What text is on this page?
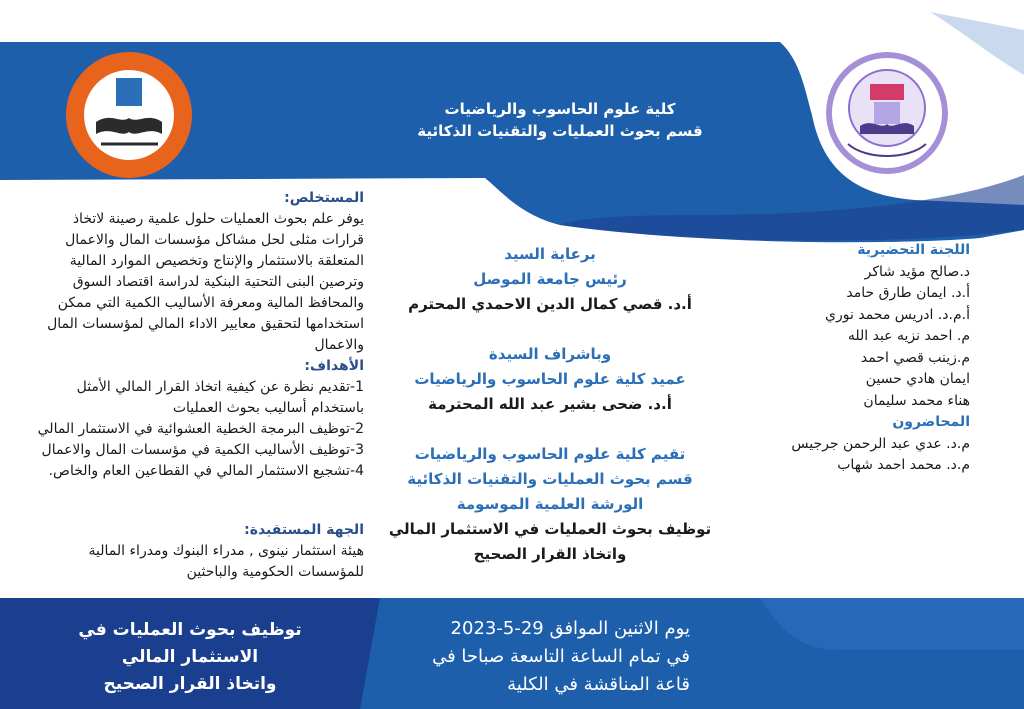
كلية علوم الحاسوب والرياضيات
قسم بحوث العمليات والتقنيات الذكائية
المستخلص:
يوفر علم بحوث العمليات حلول علمية رصينة لاتخاذ
قرارات مثلى لحل مشاكل مؤسسات المال والاعمال
المتعلقة بالاستثمار والإنتاج وتخصيص الموارد المالية
وترصين البنى التحتية البنكية لدراسة اقتصاد السوق
والمحافظ المالية ومعرفة الأساليب الكمية التي ممكن
استخدامها لتحقيق معايير الاداء المالي لمؤسسات المال
والاعمال
الأهداف:
1-تقديم نظرة عن كيفية اتخاذ القرار المالي الأمثل
باستخدام أساليب بحوث العمليات
2-توظيف البرمجة الخطية العشوائية في الاستثمار المالي
3-توظيف الأساليب الكمية في مؤسسات المال والاعمال
4-تشجيع الاستثمار المالي في القطاعين العام والخاص.
الجهة المستفيدة:
هيئة استثمار نينوى , مدراء البنوك ومدراء المالية
للمؤسسات الحكومية والباحثين
برعاية السيد
رئيس جامعة الموصل
أ.د. قصي كمال الدين الاحمدي المحترم
وباشراف السيدة
عميد كلية علوم الحاسوب والرياضيات
أ.د. ضحى بشير عبد الله المحترمة
تقيم كلية علوم الحاسوب والرياضيات
قسم بحوث العمليات والتقنيات الذكائية
الورشة العلمية الموسومة
توظيف بحوث العمليات في الاستثمار المالي
واتخاذ القرار الصحيح
اللجنة التحضيرية
د.صالح مؤيد شاكر
أ.د. ايمان طارق حامد
أ.م.د. ادريس محمد نوري
م. احمد نزيه عبد الله
م.زينب قصي احمد
ايمان هادي حسين
هناء محمد سليمان
المحاضرون
م.د. عدي عبد الرحمن جرجيس
م.د. محمد احمد شهاب
يوم الاثنين الموافق 29-5-2023
في تمام الساعة التاسعة صباحا في
قاعة المناقشة في الكلية
توظيف بحوث العمليات في
الاستثمار المالي
واتخاذ القرار الصحيح
